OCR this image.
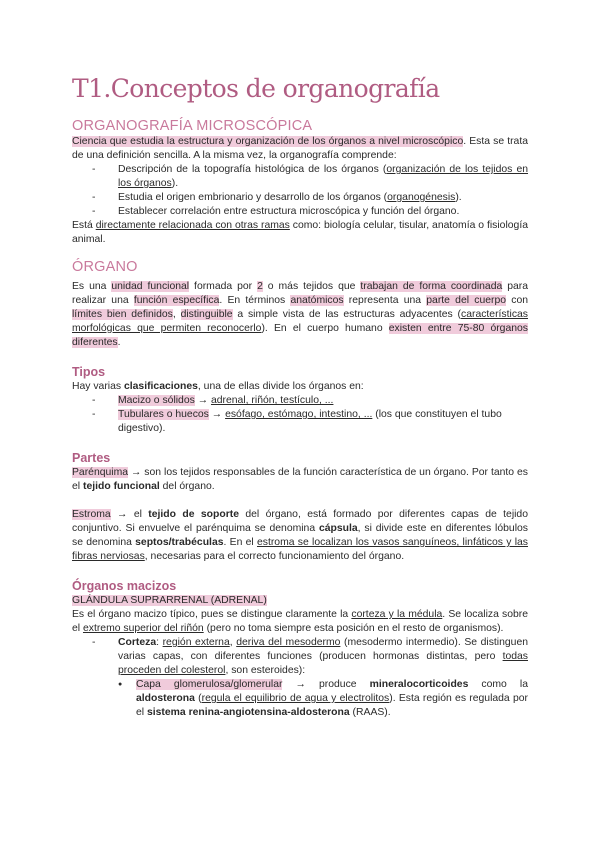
T1.Conceptos de organografía
ORGANOGRAFÍA MICROSCÓPICA

Ciencia que estudia la estructura y organización de los órganos a nivel microscópico. Esta se trata de una definición sencilla. A la misma vez, la organografía comprende:

- Descripción de la topografía histológica de los órganos (organización de los tejidos en los órganos).
- Estudia el origen embrionario y desarrollo de los órganos (organogénesis).
- Establecer correlación entre estructura microscópica y función del órgano.

Está directamente relacionada con otras ramas como: biología celular, tisular, anatomía o fisiología animal.

ÓRGANO

Es una unidad funcional formada por 2 o más tejidos que trabajan de forma coordinada para realizar una función específica. En términos anatómicos representa una parte del cuerpo con límites bien definidos, distinguible a simple vista de las estructuras adyacentes (características morfológicas que permiten reconocerlo). En el cuerpo humano existen entre 75-80 órganos diferentes.

Tipos

Hay varias clasificaciones, una de ellas divide los órganos en:

- Macizo o sólidos → adrenal, riñón, testículo, ...
- Tubulares o huecos → esófago, estómago, intestino, ... (los que constituyen el tubo digestivo).
Partes

Parénquima → son los tejidos responsables de la función característica de un órgano. Por tanto es el tejido funcional del órgano.

Estroma → el tejido de soporte del órgano, está formado por diferentes capas de tejido conjuntivo. Si envuelve el parénquima se denomina cápsula, si divide este en diferentes lóbulos se denomina septos/trabéculas. En el estroma se localizan los vasos sanguíneos, linfáticos y las fibras nerviosas, necesarias para el correcto funcionamiento del órgano.

Órganos macizos

GLÁNDULA SUPRARRENAL (ADRENAL)

Es el órgano macizo típico, pues se distingue claramente la corteza y la médula. Se localiza sobre el extremo superior del riñón (pero no toma siempre esta posición en el resto de organismos).

- Corteza: región externa, deriva del mesodermo (mesodermo intermedio). Se distinguen varias capas, con diferentes funciones (producen hormonas distintas, pero todas proceden del colesterol, son esteroides):
● Capa glomerulosa/glomerular → produce mineralocorticoides como la aldosterona (regula el equilibrio de agua y electrolitos). Esta región es regulada por el sistema renina-angiotensina-aldosterona (RAAS).
